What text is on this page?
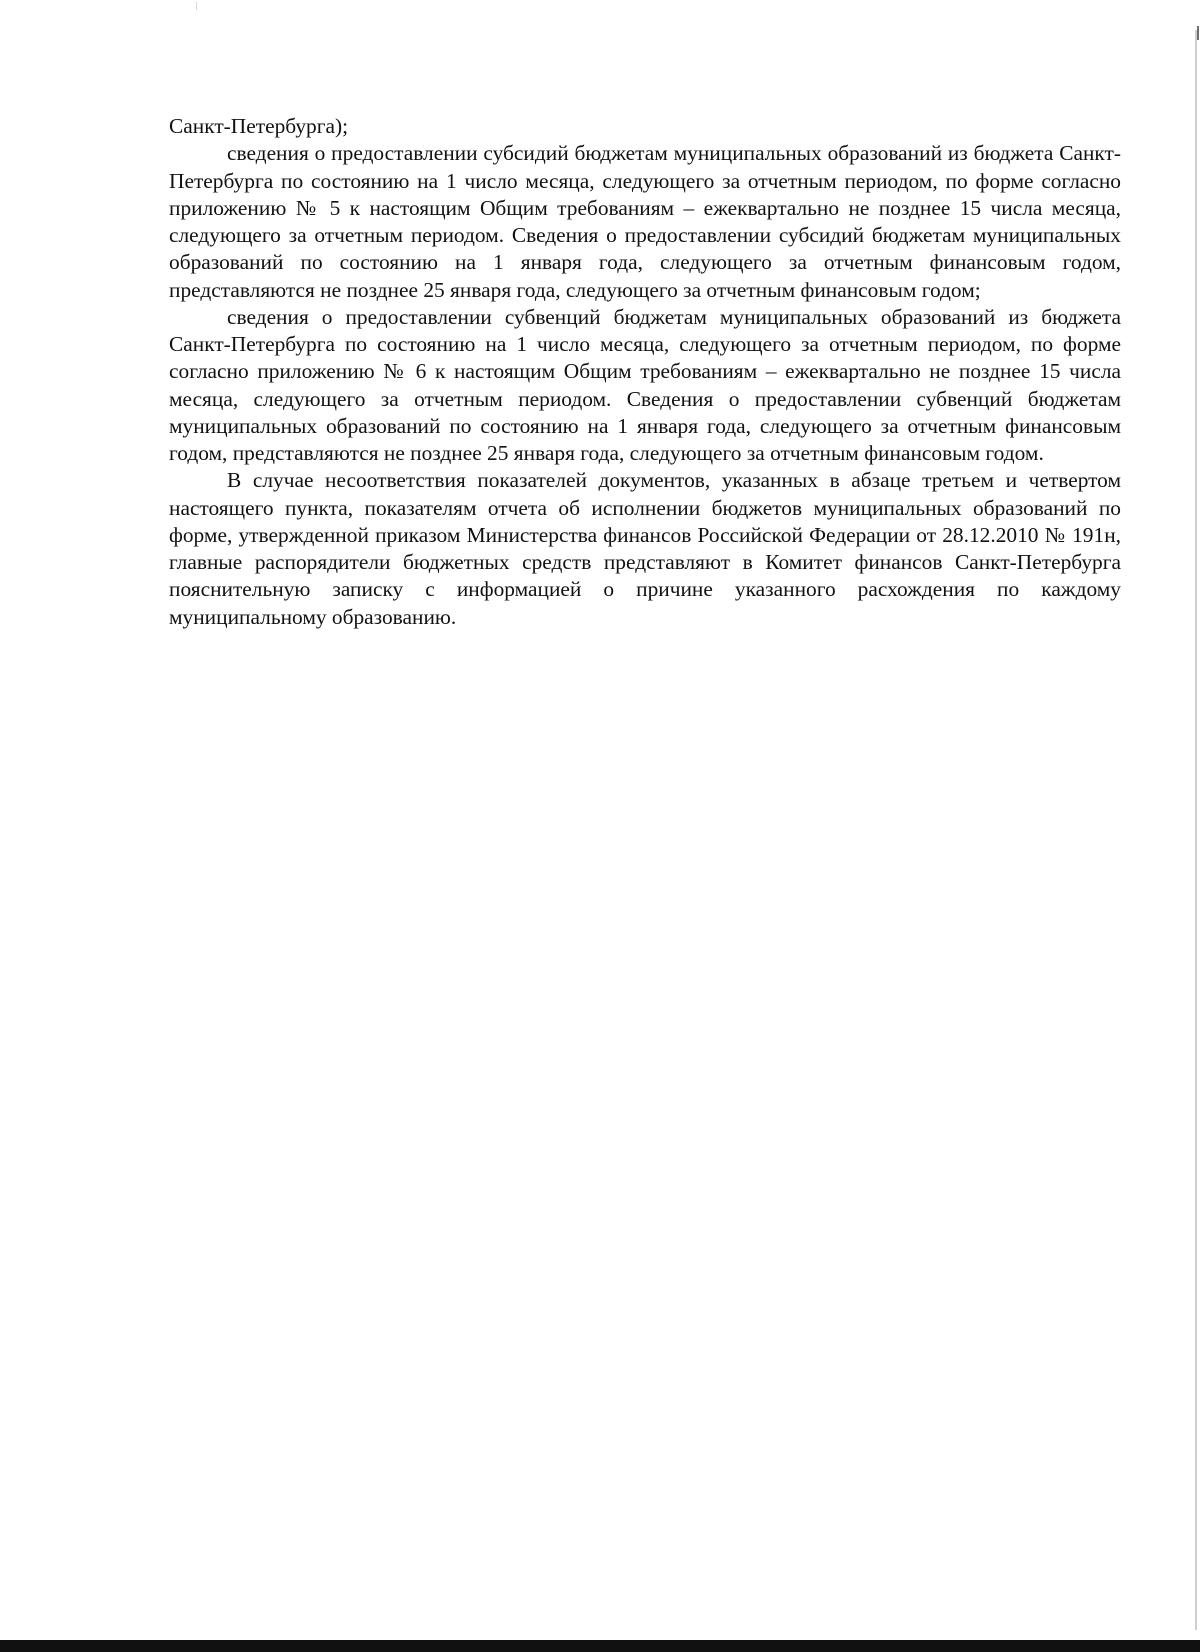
Санкт-Петербурга);

сведения о предоставлении субсидий бюджетам муниципальных образований из бюджета Санкт-Петербурга по состоянию на 1 число месяца, следующего за отчетным периодом, по форме согласно приложению № 5 к настоящим Общим требованиям – ежеквартально не позднее 15 числа месяца, следующего за отчетным периодом. Сведения о предоставлении субсидий бюджетам муниципальных образований по состоянию на 1 января года, следующего за отчетным финансовым годом, представляются не позднее 25 января года, следующего за отчетным финансовым годом;

сведения о предоставлении субвенций бюджетам муниципальных образований из бюджета Санкт-Петербурга по состоянию на 1 число месяца, следующего за отчетным периодом, по форме согласно приложению № 6 к настоящим Общим требованиям – ежеквартально не позднее 15 числа месяца, следующего за отчетным периодом. Сведения о предоставлении субвенций бюджетам муниципальных образований по состоянию на 1 января года, следующего за отчетным финансовым годом, представляются не позднее 25 января года, следующего за отчетным финансовым годом.

В случае несоответствия показателей документов, указанных в абзаце третьем и четвертом настоящего пункта, показателям отчета об исполнении бюджетов муниципальных образований по форме, утвержденной приказом Министерства финансов Российской Федерации от 28.12.2010 № 191н, главные распорядители бюджетных средств представляют в Комитет финансов Санкт-Петербурга пояснительную записку с информацией о причине указанного расхождения по каждому муниципальному образованию.
